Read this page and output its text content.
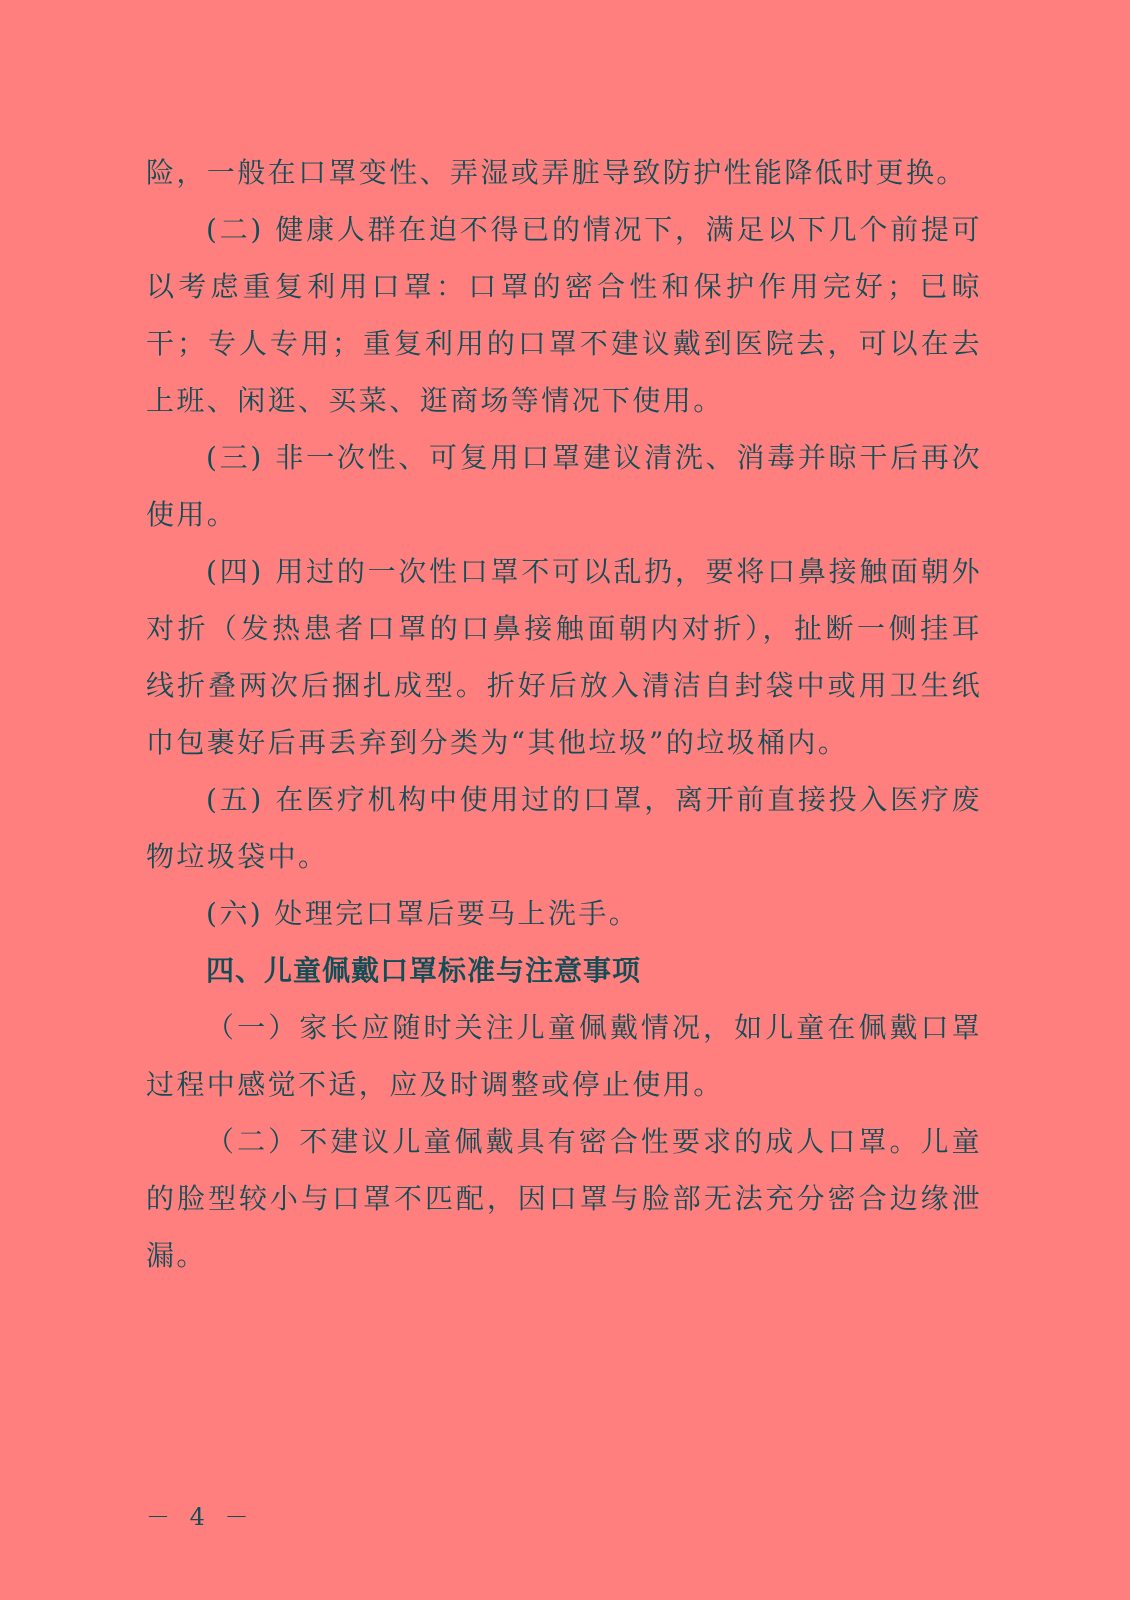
险，一般在口罩变性、弄湿或弄脏导致防护性能降低时更换。

(二) 健康人群在迫不得已的情况下，满足以下几个前提可以考虑重复利用口罩：口罩的密合性和保护作用完好；已晾干；专人专用；重复利用的口罩不建议戴到医院去，可以在去上班、闲逛、买菜、逛商场等情况下使用。

(三) 非一次性、可复用口罩建议清洗、消毒并晾干后再次使用。

(四) 用过的一次性口罩不可以乱扔，要将口鼻接触面朝外对折（发热患者口罩的口鼻接触面朝内对折），扯断一侧挂耳线折叠两次后捆扎成型。折好后放入清洁自封袋中或用卫生纸巾包裹好后再丢弃到分类为“其他垃圾”的垃圾桶内。

(五) 在医疗机构中使用过的口罩，离开前直接投入医疗废物垃圾袋中。

(六) 处理完口罩后要马上洗手。

四、儿童佩戴口罩标准与注意事项

（一）家长应随时关注儿童佩戴情况，如儿童在佩戴口罩过程中感觉不适，应及时调整或停止使用。

（二）不建议儿童佩戴具有密合性要求的成人口罩。儿童的脸型较小与口罩不匹配，因口罩与脸部无法充分密合边缘泄漏。

－ 4 －
